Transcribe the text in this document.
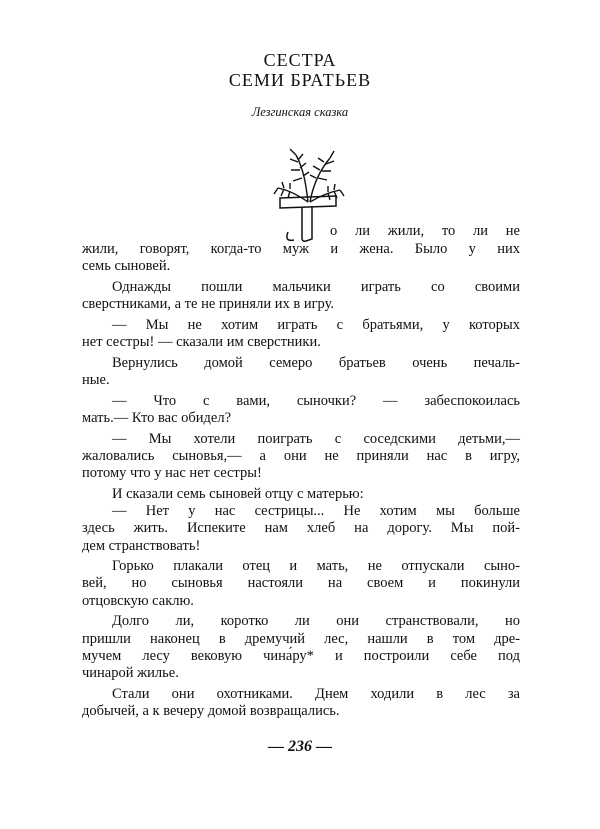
СЕСТРА
СЕМИ БРАТЬЕВ
Лезгинская сказка
о ли жили, то ли не
жили, говорят, когда-то муж и жена. Было у них
семь сыновей.
Однажды пошли мальчики играть со своими
сверстниками, а те не приняли их в игру.
— Мы не хотим играть с братьями, у которых
нет сестры! — сказали им сверстники.
Вернулись домой семеро братьев очень печаль-
ные.
— Что с вами, сыночки? — забеспокоилась
мать.— Кто вас обидел?
— Мы хотели поиграть с соседскими детьми,—
жаловались сыновья,— а они не приняли нас в игру,
потому что у нас нет сестры!
И сказали семь сыновей отцу с матерью:
— Нет у нас сестрицы... Не хотим мы больше
здесь жить. Испеките нам хлеб на дорогу. Мы пой-
дем странствовать!
Горько плакали отец и мать, не отпускали сыно-
вей, но сыновья настояли на своем и покинули
отцовскую саклю.
Долго ли, коротко ли они странствовали, но
пришли наконец в дремучий лес, нашли в том дре-
мучем лесу вековую чина́ру* и построили себе под
чинарой жилье.
Стали они охотниками. Днем ходили в лес за
добычей, а к вечеру домой возвращались.
— 236 —
